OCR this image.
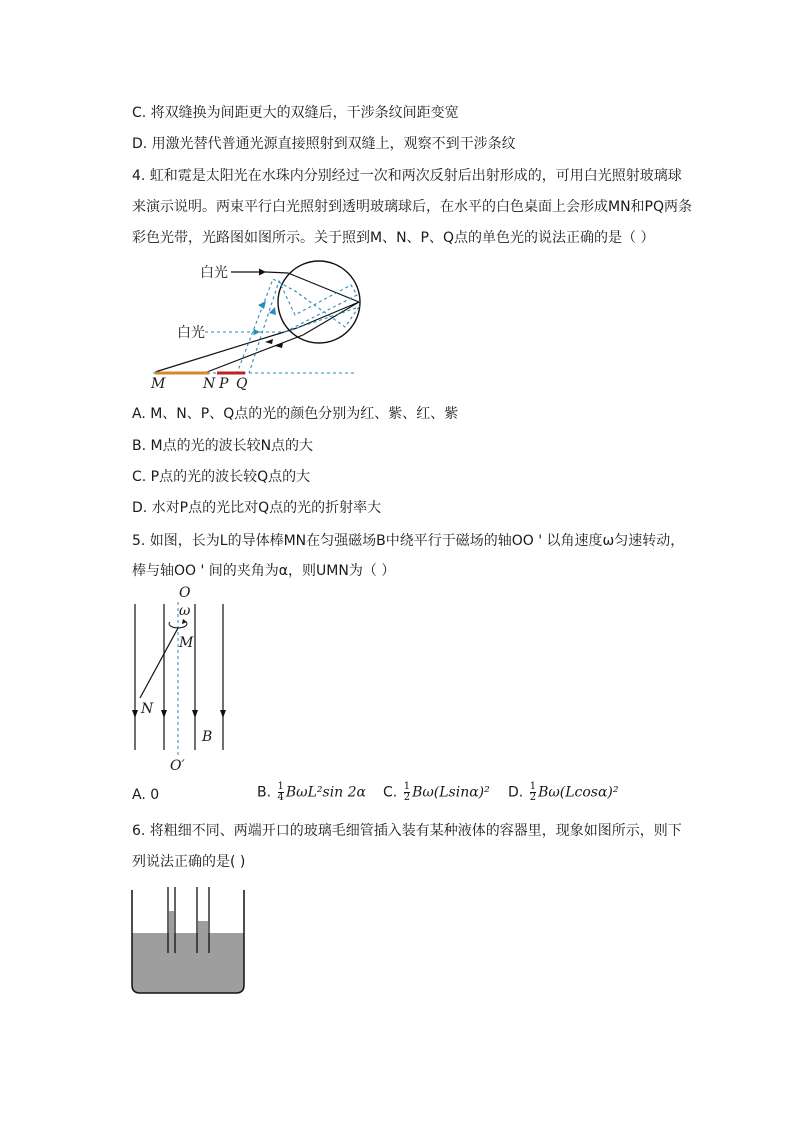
C. 将双缝换为间距更大的双缝后，干涉条纹间距变宽
D. 用激光替代普通光源直接照射到双缝上，观察不到干涉条纹
4. 虹和霓是太阳光在水珠内分别经过一次和两次反射后出射形成的，可用白光照射玻璃球
来演示说明。两束平行白光照射到透明玻璃球后，在水平的白色桌面上会形成MN和PQ两条
彩色光带，光路图如图所示。关于照到M、N、P、Q点的单色光的说法正确的是（ ）
白光
白光
M	N P Q
A. M、N、P、Q点的光的颜色分别为红、紫、红、紫
B. M点的光的波长较N点的大
C. P点的光的波长较Q点的大
D. 水对P点的光比对Q点的光的折射率大
5. 如图，长为L的导体棒MN在匀强磁场B中绕平行于磁场的轴OO ' 以角速度ω匀速转动，
棒与轴OO ' 间的夹角为α，则UMN为（ ）
O
ω
M
N
B
O′
A. 0	B. $\frac{1}{4} B\omega L^2\sin$ 2α C. $\frac{1}{2} B\omega(Lsin\alpha)^2$ D. $\frac{1}{2} B\omega(Lcos\alpha)^2$
6. 将粗细不同、两端开口的玻璃毛细管插入装有某种液体的容器里，现象如图所示，则下
列说法正确的是( )
